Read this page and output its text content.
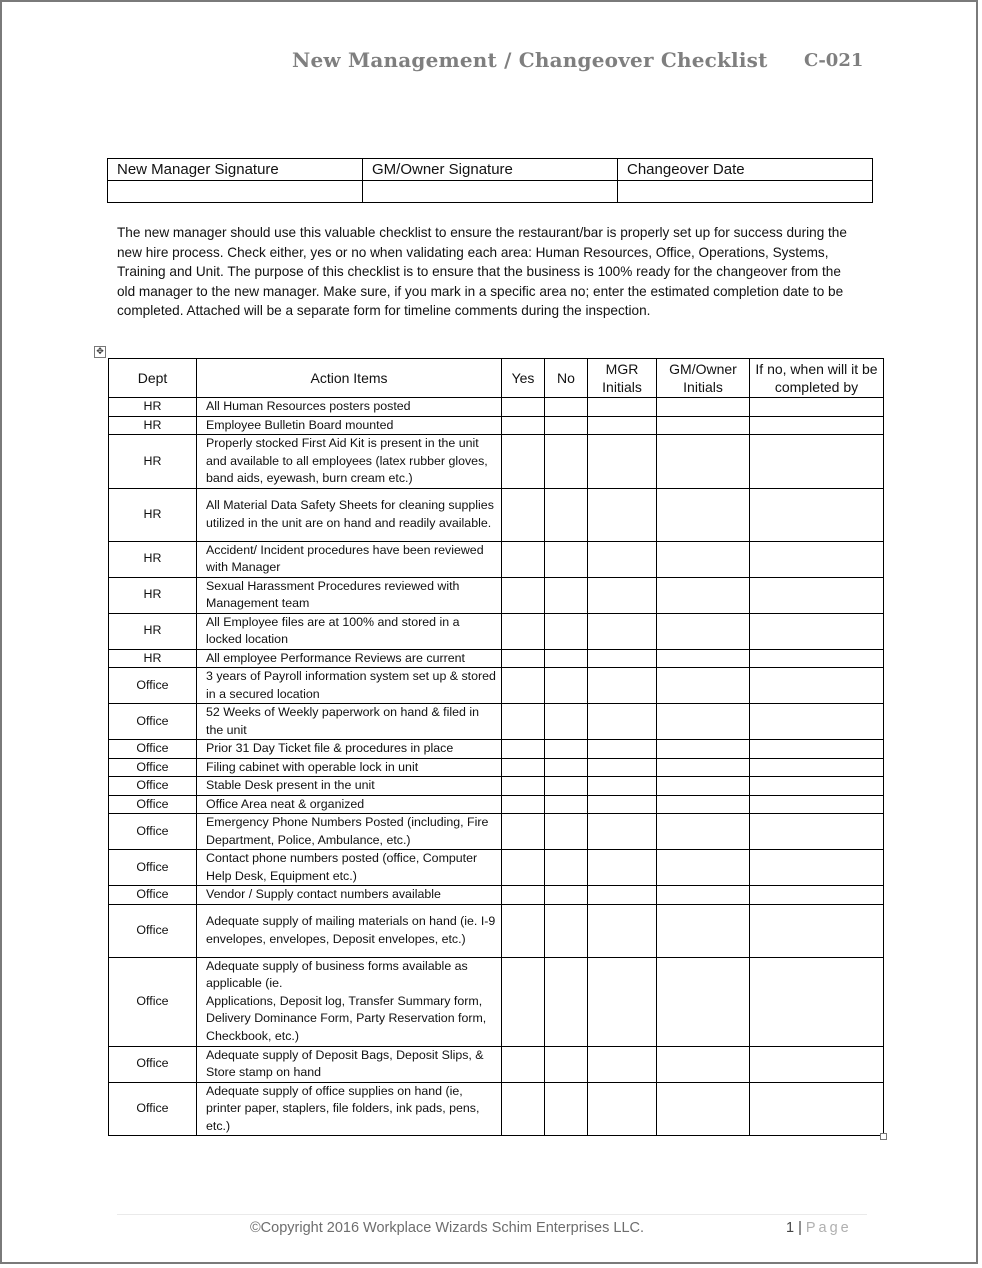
New Management / Changeover Checklist C-021
New Manager Signature	GM/Owner Signature	Changeover Date

The new manager should use this valuable checklist to ensure the restaurant/bar is properly set up for success during the new hire process. Check either, yes or no when validating each area: Human Resources, Office, Operations, Systems, Training and Unit. The purpose of this checklist is to ensure that the business is 100% ready for the changeover from the old manager to the new manager. Make sure, if you mark in a specific area no; enter the estimated completion date to be completed. Attached will be a separate form for timeline comments during the inspection.
✥
Dept	Action Items	Yes	No	MGR Initials	GM/Owner Initials	If no, when will it be completed by
HR	All Human Resources posters posted					
HR	Employee Bulletin Board mounted					
HR	Properly stocked First Aid Kit is present in the unit and available to all employees (latex rubber gloves, band aids, eyewash, burn cream etc.)					
HR	All Material Data Safety Sheets for cleaning supplies utilized in the unit are on hand and readily available.					
HR	Accident/ Incident procedures have been reviewed with Manager					
HR	Sexual Harassment Procedures reviewed with Management team					
HR	All Employee files are at 100% and stored in a locked location					
HR	All employee Performance Reviews are current					
Office	3 years of Payroll information system set up & stored in a secured location					
Office	52 Weeks of Weekly paperwork on hand & filed in the unit					
Office	Prior 31 Day Ticket file & procedures in place					
Office	Filing cabinet with operable lock in unit					
Office	Stable Desk present in the unit					
Office	Office Area neat & organized					
Office	Emergency Phone Numbers Posted (including, Fire Department, Police, Ambulance, etc.)					
Office	Contact phone numbers posted (office, Computer Help Desk, Equipment etc.)					
Office	Vendor / Supply contact numbers available					
Office	Adequate supply of mailing materials on hand (ie. I-9 envelopes, envelopes, Deposit envelopes, etc.)					
Office	Adequate supply of business forms available as applicable (ie.
Applications, Deposit log, Transfer Summary form, Delivery Dominance Form, Party Reservation form, Checkbook, etc.)					
Office	Adequate supply of Deposit Bags, Deposit Slips, & Store stamp on hand					
Office	Adequate supply of office supplies on hand (ie, printer paper, staplers, file folders, ink pads, pens, etc.)					
©Copyright 2016 Workplace Wizards Schim Enterprises LLC.	1 | Page
